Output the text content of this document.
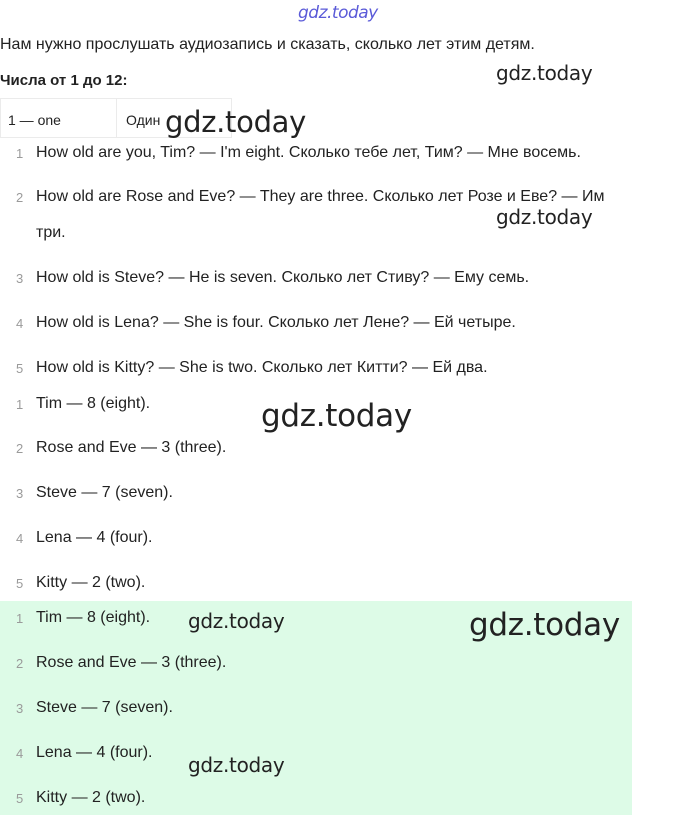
gdz.today
Нам нужно прослушать аудиозапись и сказать, сколько лет этим детям.
Числа от 1 до 12:
1 — one	Один
1 How old are you, Tim? — I'm eight. Сколько тебе лет, Тим? — Мне восемь.
2 How old are Rose and Eve? — They are three. Сколько лет Розе и Еве? — Им
три.
3 How old is Steve? — He is seven. Сколько лет Стиву? — Ему семь.
4 How old is Lena? — She is four. Сколько лет Лене? — Ей четыре.
5 How old is Kitty? — She is two. Сколько лет Китти? — Ей два.
1 Tim — 8 (eight).
2 Rose and Eve — 3 (three).
3 Steve — 7 (seven).
4 Lena — 4 (four).
5 Kitty — 2 (two).
1 Tim — 8 (eight).
2 Rose and Eve — 3 (three).
3 Steve — 7 (seven).
4 Lena — 4 (four).
5 Kitty — 2 (two).
gdz.today
gdz.today
gdz.today
gdz.today
gdz.today	gdz.today
gdz.today
